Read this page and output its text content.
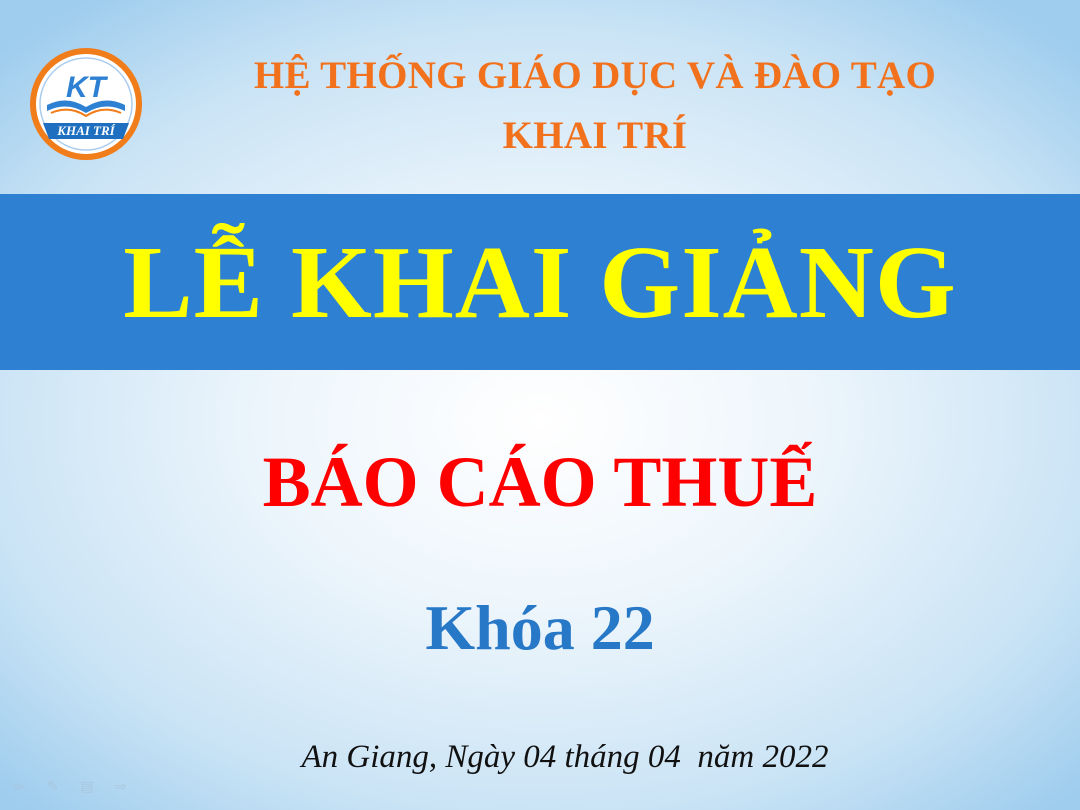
KT
KHAI TRÍ
HỆ THỐNG GIÁO DỤC VÀ ĐÀO TẠO
KHAI TRÍ
LỄ KHAI GIẢNG
BÁO CÁO THUẾ
Khóa 22
An Giang, Ngày 04 tháng 04  năm 2022
⇦	✎	▤	⇨
